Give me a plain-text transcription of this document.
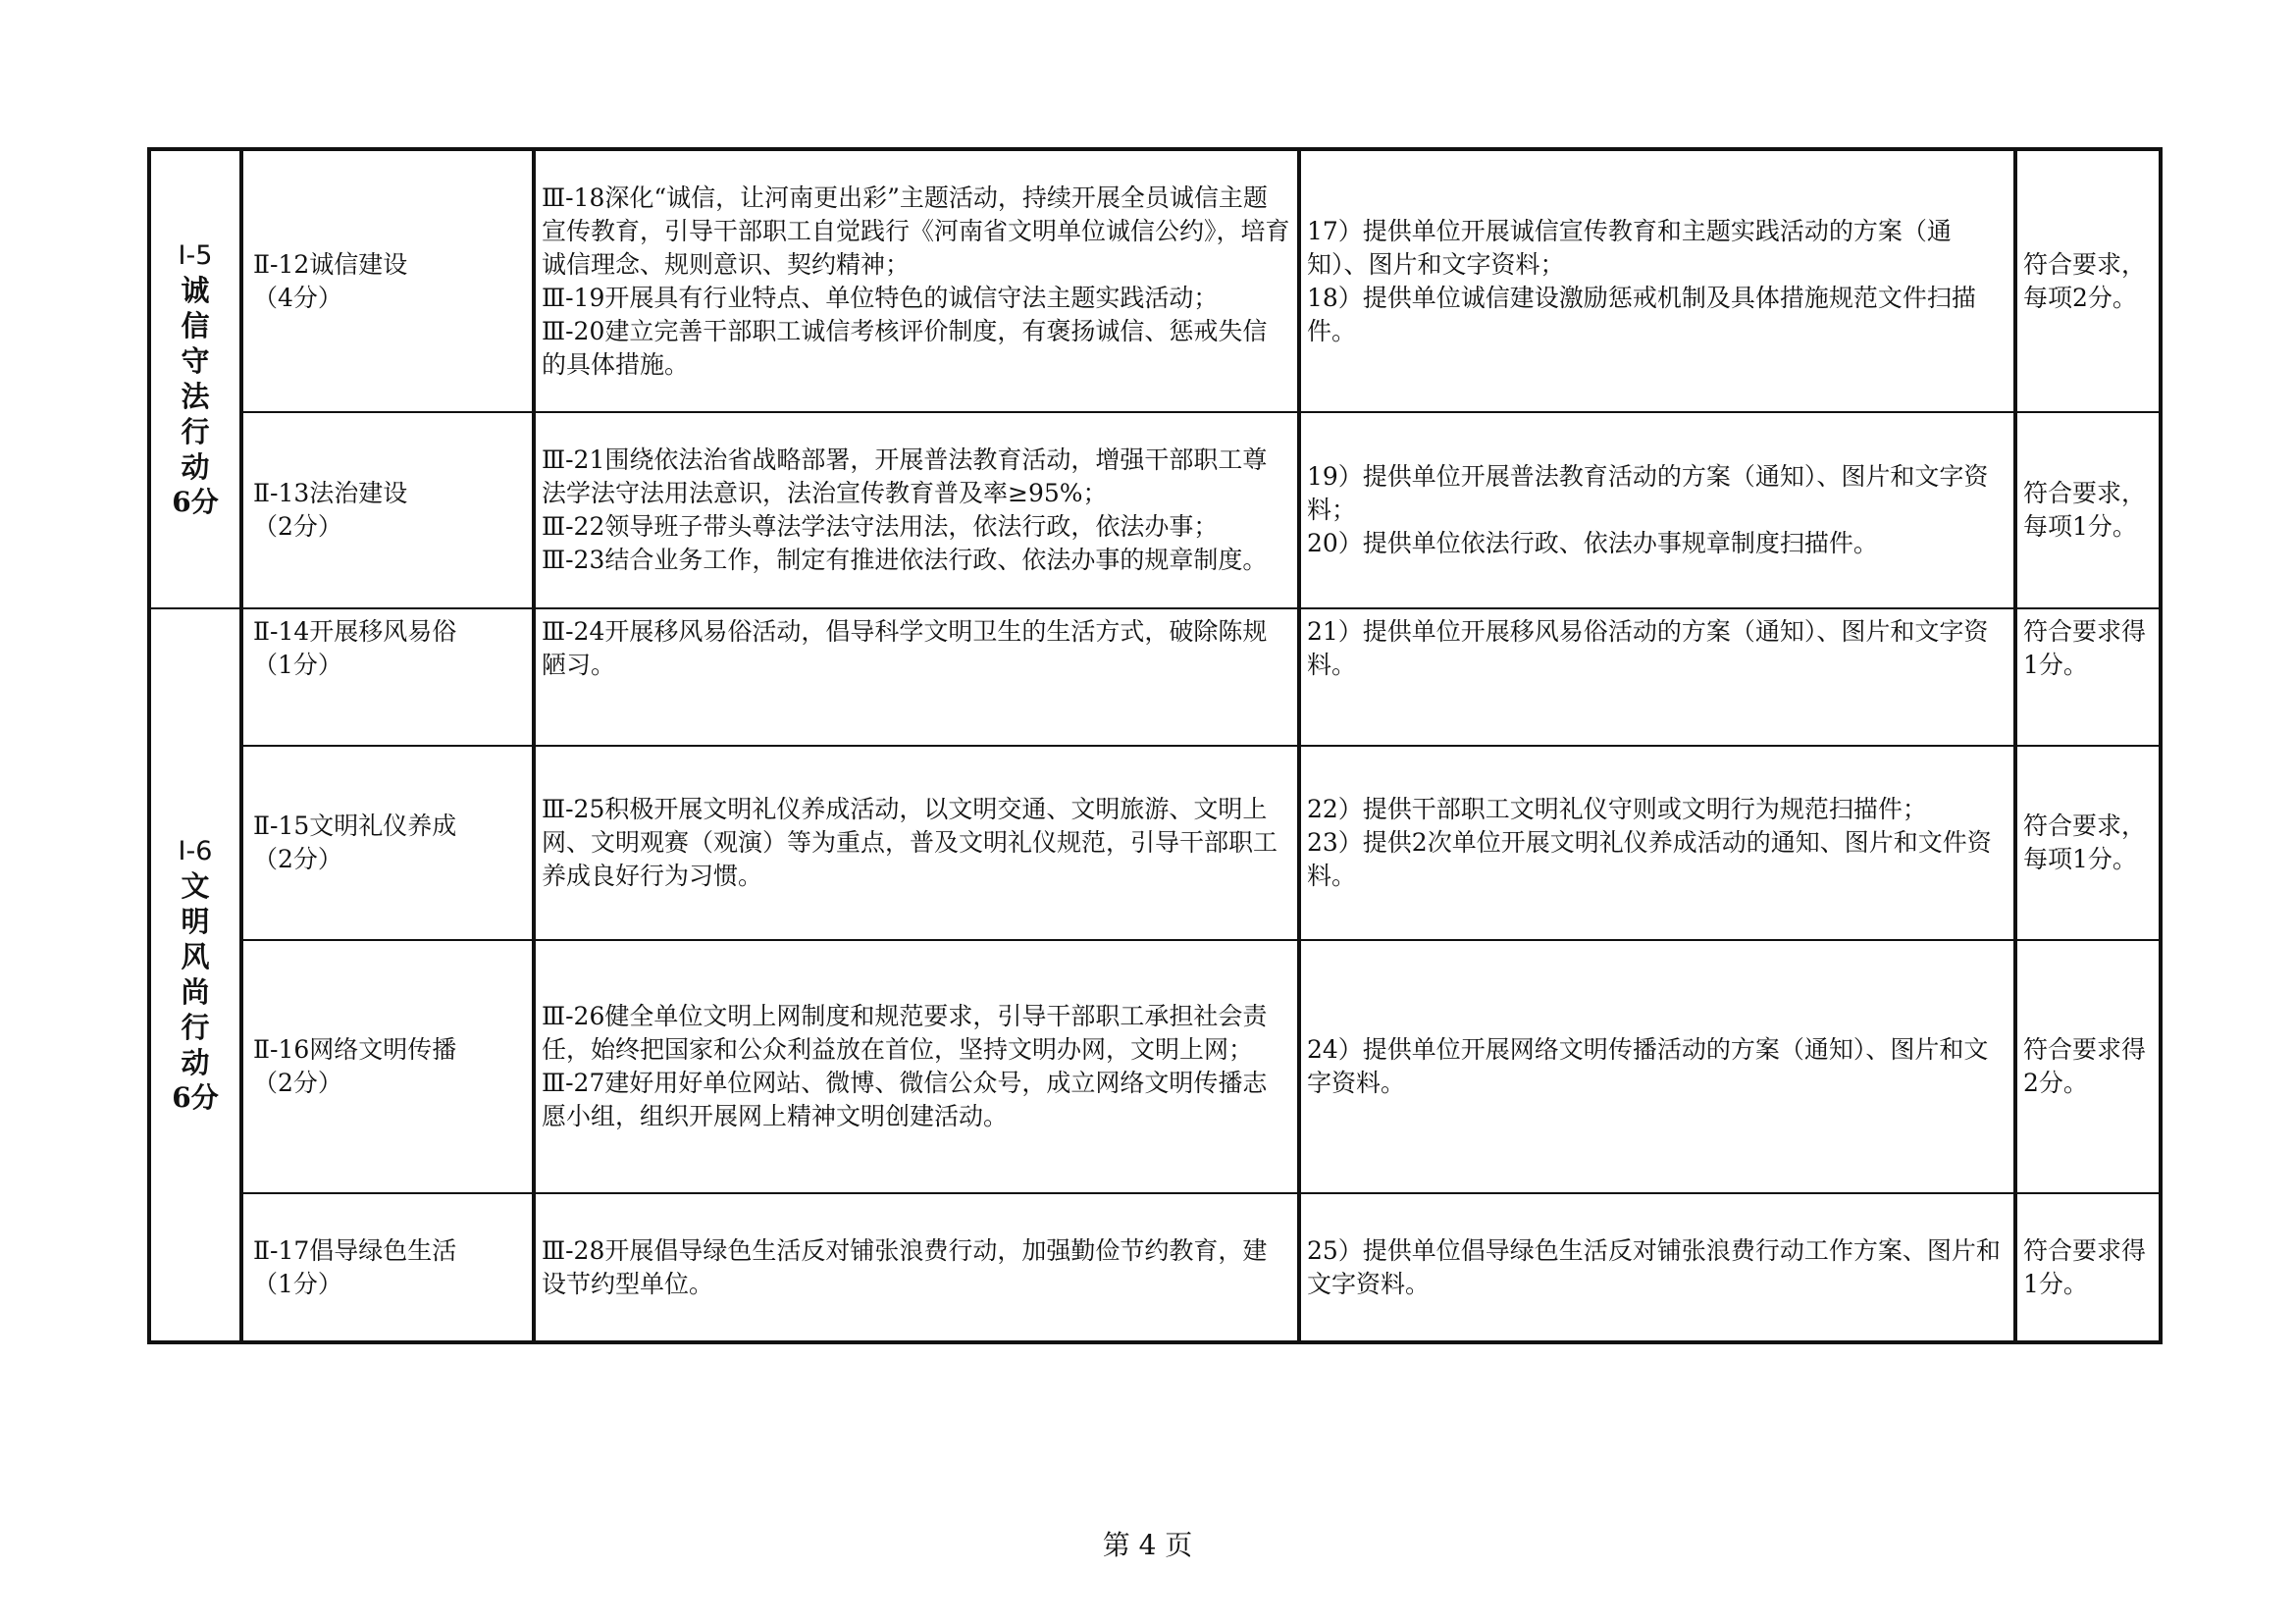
Ⅰ-5
诚信守法行动
6分	Ⅱ-12诚信建设
（4分）	Ⅲ-18深化“诚信，让河南更出彩”主题活动，持续开展全员诚信主题宣传教育，引导干部职工自觉践行《河南省文明单位诚信公约》，培育诚信理念、规则意识、契约精神；
Ⅲ-19开展具有行业特点、单位特色的诚信守法主题实践活动；
Ⅲ-20建立完善干部职工诚信考核评价制度，有褒扬诚信、惩戒失信的具体措施。	17）提供单位开展诚信宣传教育和主题实践活动的方案（通知）、图片和文字资料；
18）提供单位诚信建设激励惩戒机制及具体措施规范文件扫描件。	符合要求，每项2分。

	Ⅱ-13法治建设
（2分）	Ⅲ-21围绕依法治省战略部署，开展普法教育活动，增强干部职工尊法学法守法用法意识，法治宣传教育普及率≥95%；
Ⅲ-22领导班子带头尊法学法守法用法，依法行政，依法办事；
Ⅲ-23结合业务工作，制定有推进依法行政、依法办事的规章制度。	19）提供单位开展普法教育活动的方案（通知）、图片和文字资料；
20）提供单位依法行政、依法办事规章制度扫描件。	符合要求，每项1分。

Ⅰ-6
文明风尚行动
6分	Ⅱ-14开展移风易俗
（1分）	Ⅲ-24开展移风易俗活动，倡导科学文明卫生的生活方式，破除陈规陋习。	21）提供单位开展移风易俗活动的方案（通知）、图片和文字资料。	符合要求得1分。

	Ⅱ-15文明礼仪养成
（2分）	Ⅲ-25积极开展文明礼仪养成活动，以文明交通、文明旅游、文明上网、文明观赛（观演）等为重点，普及文明礼仪规范，引导干部职工养成良好行为习惯。	22）提供干部职工文明礼仪守则或文明行为规范扫描件；
23）提供2次单位开展文明礼仪养成活动的通知、图片和文件资料。	符合要求，每项1分。

	Ⅱ-16网络文明传播
（2分）	Ⅲ-26健全单位文明上网制度和规范要求，引导干部职工承担社会责任，始终把国家和公众利益放在首位，坚持文明办网，文明上网；
Ⅲ-27建好用好单位网站、微博、微信公众号，成立网络文明传播志愿小组，组织开展网上精神文明创建活动。	24）提供单位开展网络文明传播活动的方案（通知）、图片和文字资料。	符合要求得2分。

	Ⅱ-17倡导绿色生活
（1分）	Ⅲ-28开展倡导绿色生活反对铺张浪费行动，加强勤俭节约教育，建设节约型单位。	25）提供单位倡导绿色生活反对铺张浪费行动工作方案、图片和文字资料。	符合要求得1分。
第 4 页
